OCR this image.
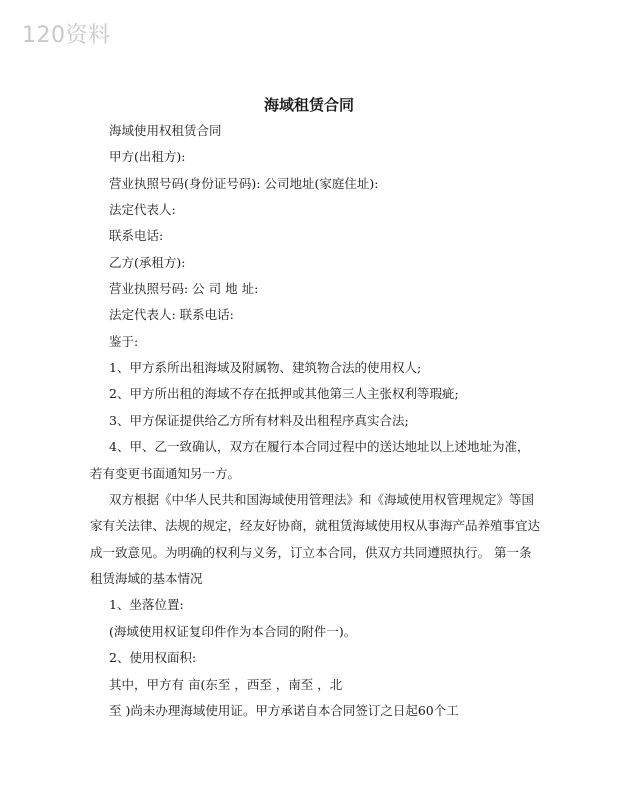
120资料
海域租赁合同
海域使用权租赁合同
甲方(出租方):
营业执照号码(身份证号码): 公司地址(家庭住址):
法定代表人:
联系电话:
乙方(承租方):
营业执照号码: 公 司 地 址:
法定代表人: 联系电话:
鉴于:
1、甲方系所出租海域及附属物、建筑物合法的使用权人;
2、甲方所出租的海域不存在抵押或其他第三人主张权利等瑕疵;
3、甲方保证提供给乙方所有材料及出租程序真实合法;
4、甲、乙一致确认，双方在履行本合同过程中的送达地址以上述地址为准，
若有变更书面通知另一方。
双方根据《中华人民共和国海域使用管理法》和《海域使用权管理规定》等国
家有关法律、法规的规定，经友好协商，就租赁海域使用权从事海产品养殖事宜达
成一致意见。为明确的权利与义务，订立本合同，供双方共同遵照执行。 第一条
租赁海域的基本情况
1、坐落位置:
(海域使用权证复印件作为本合同的附件一)。
2、使用权面积:
其中，甲方有 亩(东至 ，西至 ，南至 ，北
至 )尚未办理海域使用证。甲方承诺自本合同签订之日起60个工
